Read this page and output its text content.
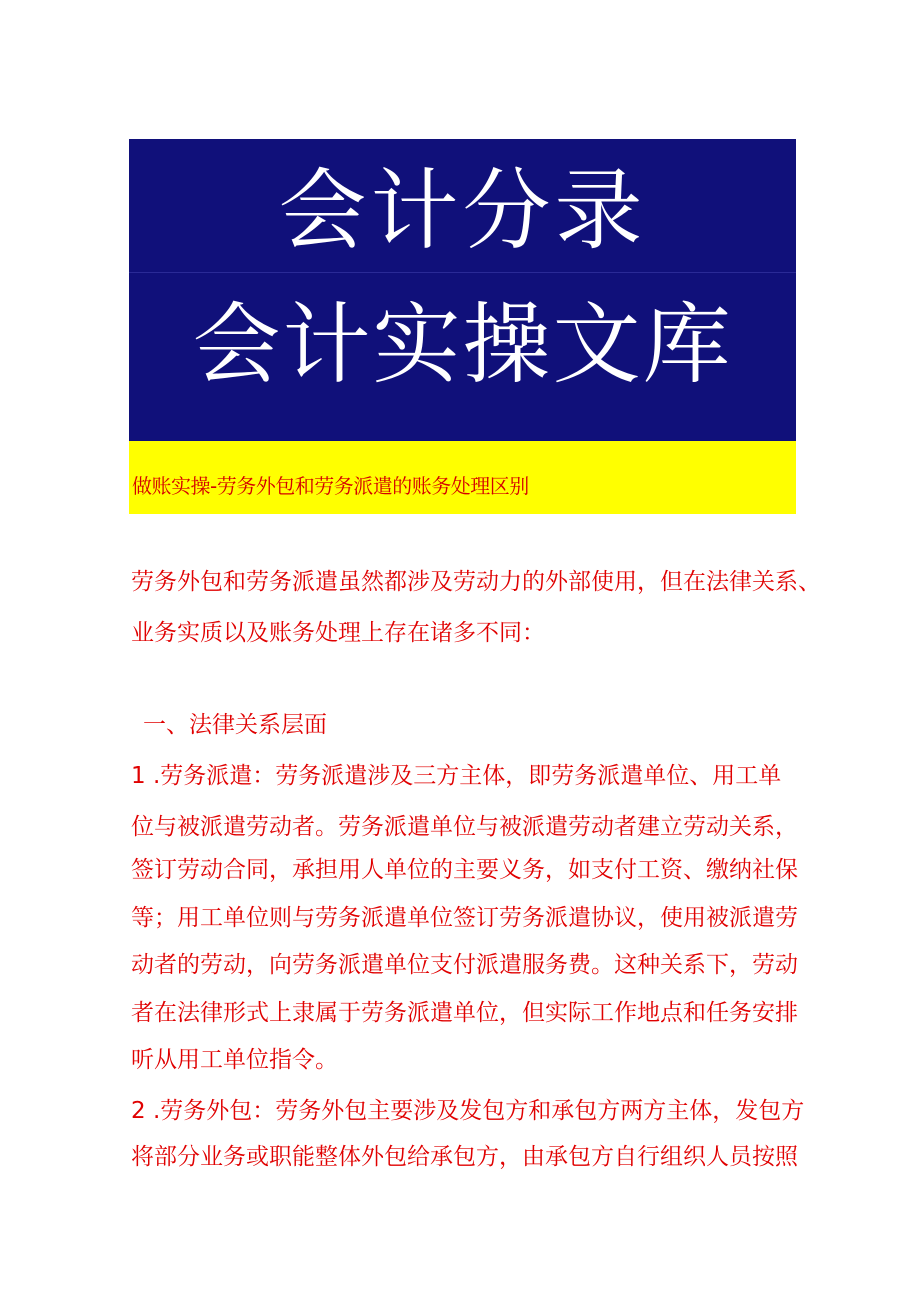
会计分录
会计实操文库
做账实操-劳务外包和劳务派遣的账务处理区别
劳务外包和劳务派遣虽然都涉及劳动力的外部使用，但在法律关系、
业务实质以及账务处理上存在诸多不同：
一、法律关系层面
1 .劳务派遣：劳务派遣涉及三方主体，即劳务派遣单位、用工单
位与被派遣劳动者。劳务派遣单位与被派遣劳动者建立劳动关系，
签订劳动合同，承担用人单位的主要义务，如支付工资、缴纳社保
等；用工单位则与劳务派遣单位签订劳务派遣协议，使用被派遣劳
动者的劳动，向劳务派遣单位支付派遣服务费。这种关系下，劳动
者在法律形式上隶属于劳务派遣单位，但实际工作地点和任务安排
听从用工单位指令。
2 .劳务外包：劳务外包主要涉及发包方和承包方两方主体，发包方
将部分业务或职能整体外包给承包方，由承包方自行组织人员按照
